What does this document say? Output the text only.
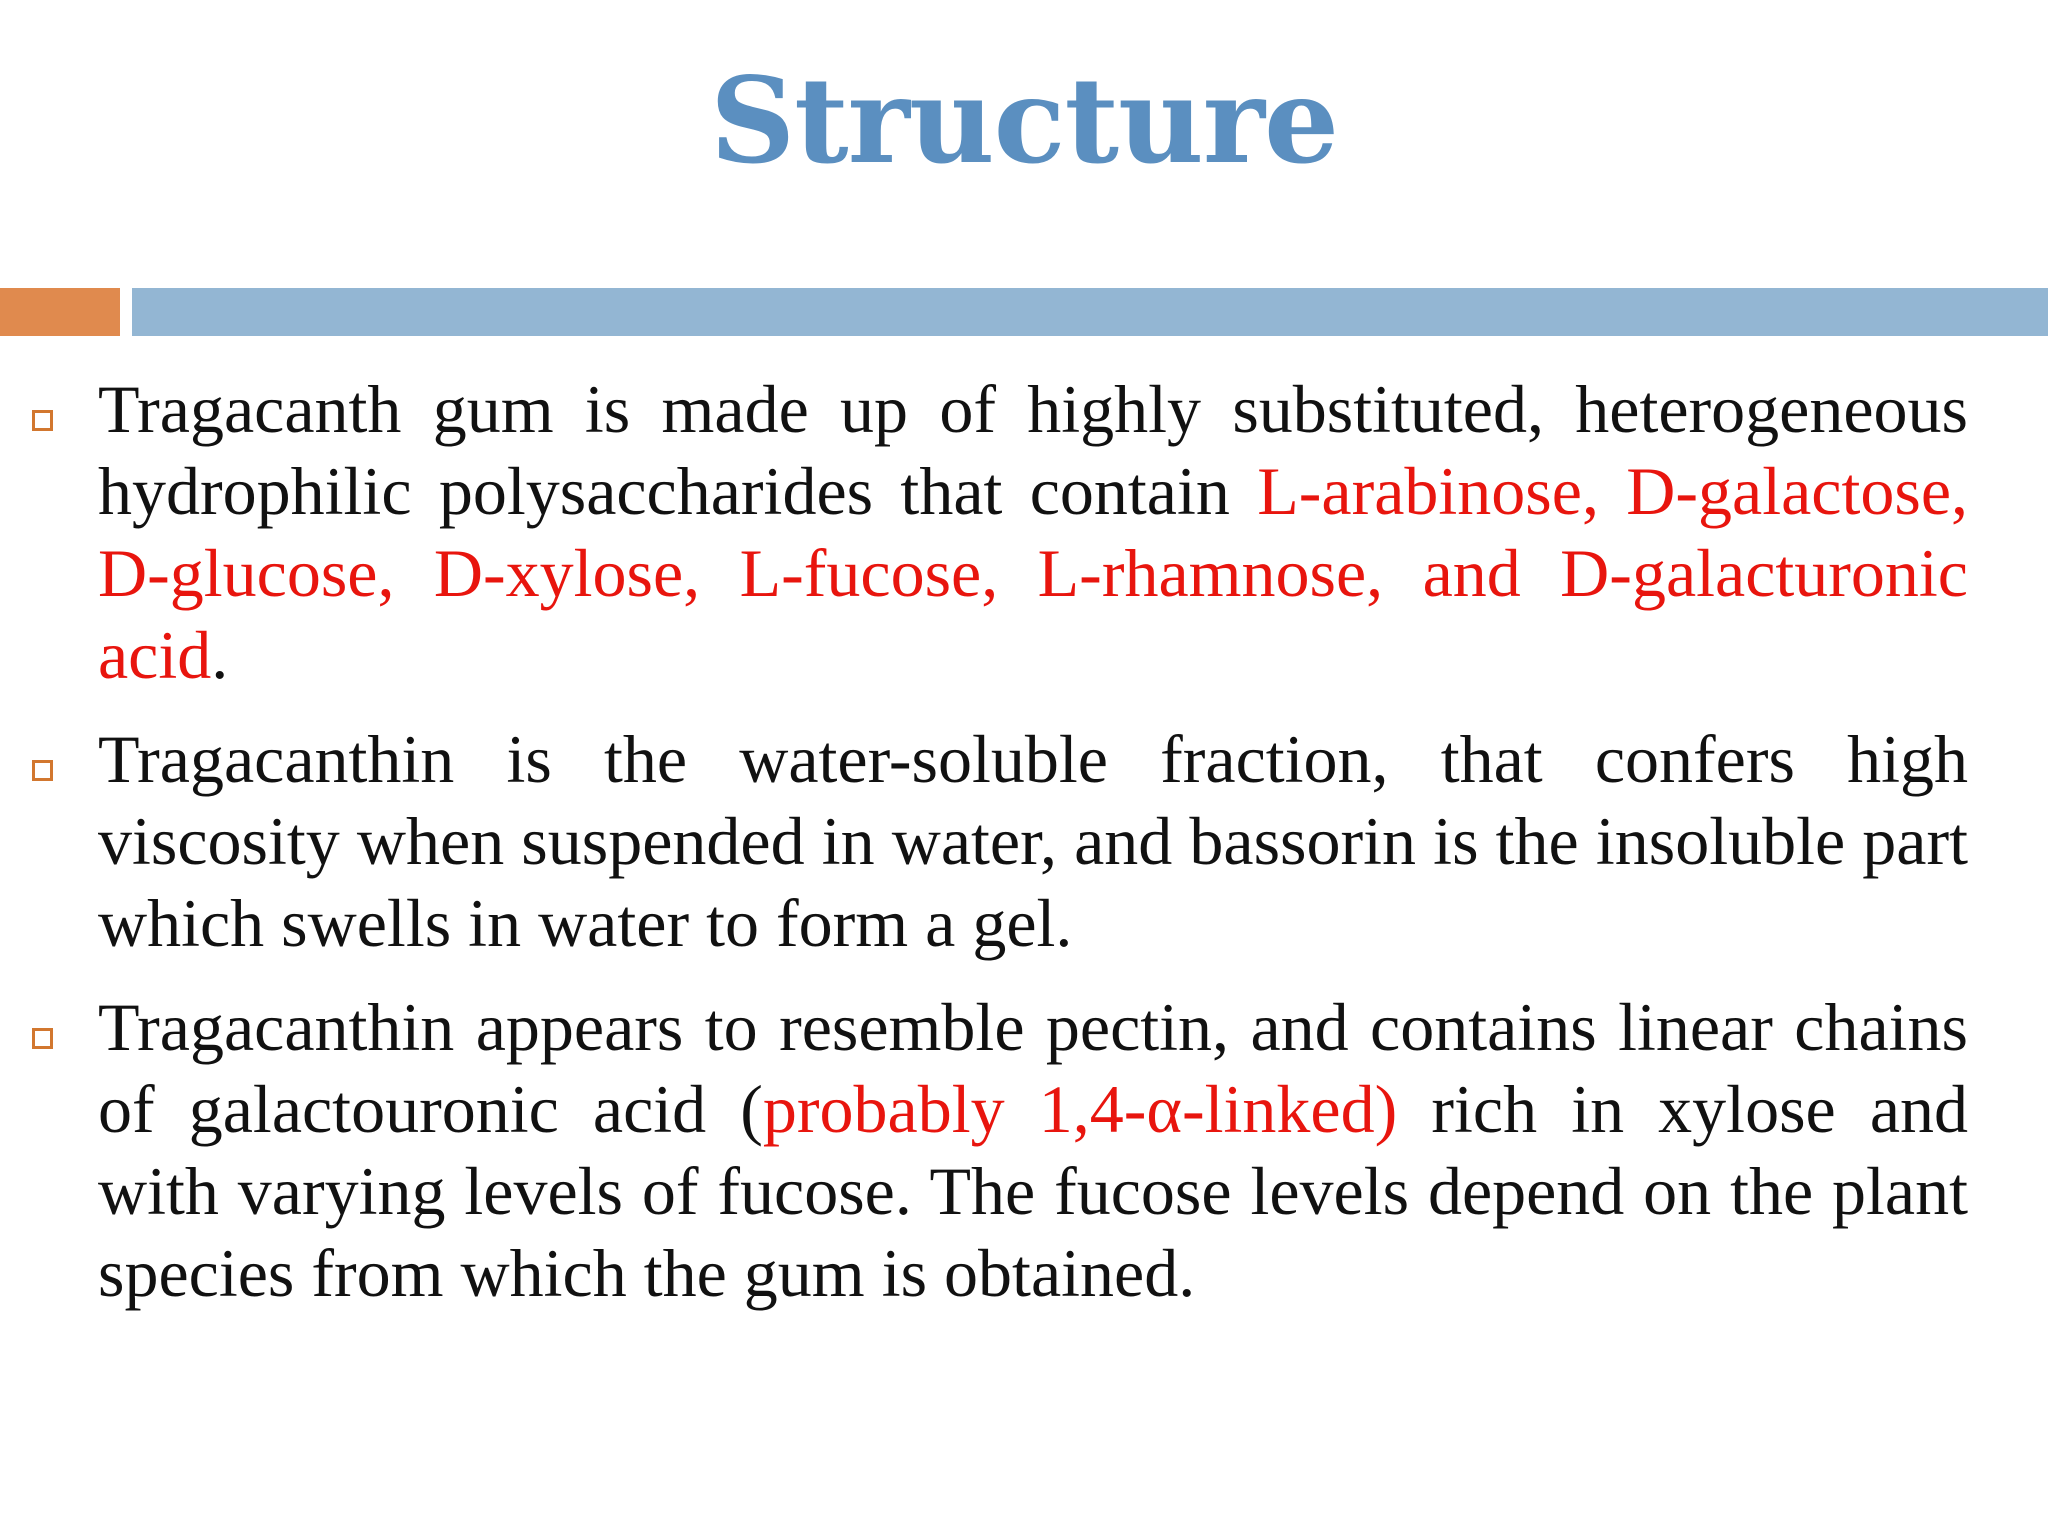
Structure
Tragacanth gum is made up of highly substituted, heterogeneous hydrophilic polysaccharides that contain L-arabinose, D-galactose, D-glucose, D-xylose, L-fucose, L-rhamnose, and D-galacturonic acid.
Tragacanthin is the water-soluble fraction, that confers high viscosity when suspended in water, and bassorin is the insoluble part which swells in water to form a gel.
Tragacanthin appears to resemble pectin, and contains linear chains of galactouronic acid (probably 1,4-α-linked) rich in xylose and with varying levels of fucose. The fucose levels depend on the plant species from which the gum is obtained.
